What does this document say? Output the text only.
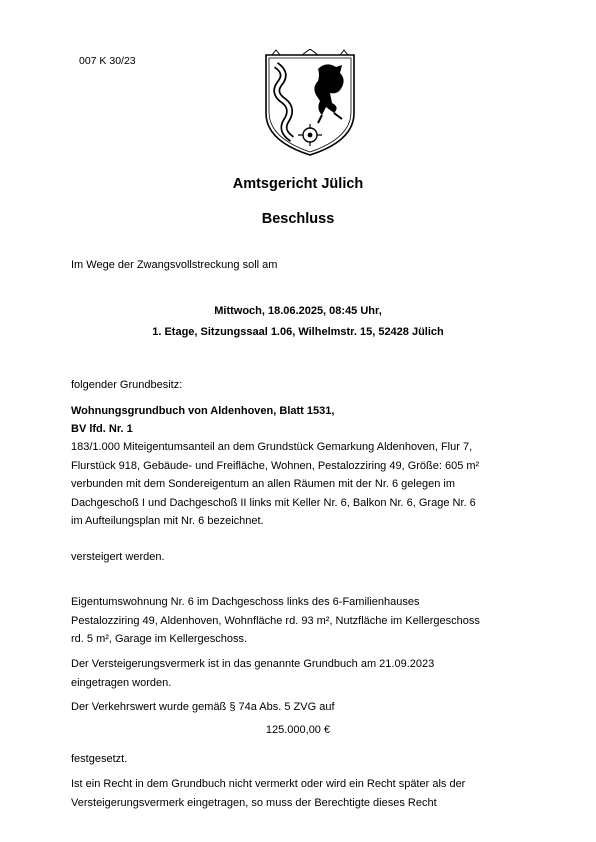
007 K 30/23
Amtsgericht Jülich
Beschluss
Im Wege der Zwangsvollstreckung soll am
Mittwoch, 18.06.2025, 08:45 Uhr,
1. Etage, Sitzungssaal 1.06, Wilhelmstr. 15, 52428 Jülich
folgender Grundbesitz:
Wohnungsgrundbuch von Aldenhoven, Blatt 1531,
BV lfd. Nr. 1
183/1.000 Miteigentumsanteil an dem Grundstück Gemarkung Aldenhoven, Flur 7,
Flurstück 918, Gebäude- und Freifläche, Wohnen, Pestalozziring 49, Größe: 605 m²
verbunden mit dem Sondereigentum an allen Räumen mit der Nr. 6 gelegen im
Dachgeschoß I und Dachgeschoß II links mit Keller Nr. 6, Balkon Nr. 6, Grage Nr. 6
im Aufteilungsplan mit Nr. 6 bezeichnet.
versteigert werden.
Eigentumswohnung Nr. 6 im Dachgeschoss links des 6-Familienhauses
Pestalozziring 49, Aldenhoven, Wohnfläche rd. 93 m², Nutzfläche im Kellergeschoss
rd. 5 m², Garage im Kellergeschoss.
Der Versteigerungsvermerk ist in das genannte Grundbuch am 21.09.2023
eingetragen worden.
Der Verkehrswert wurde gemäß § 74a Abs. 5 ZVG auf
125.000,00 €
festgesetzt.
Ist ein Recht in dem Grundbuch nicht vermerkt oder wird ein Recht später als der
Versteigerungsvermerk eingetragen, so muss der Berechtigte dieses Recht
